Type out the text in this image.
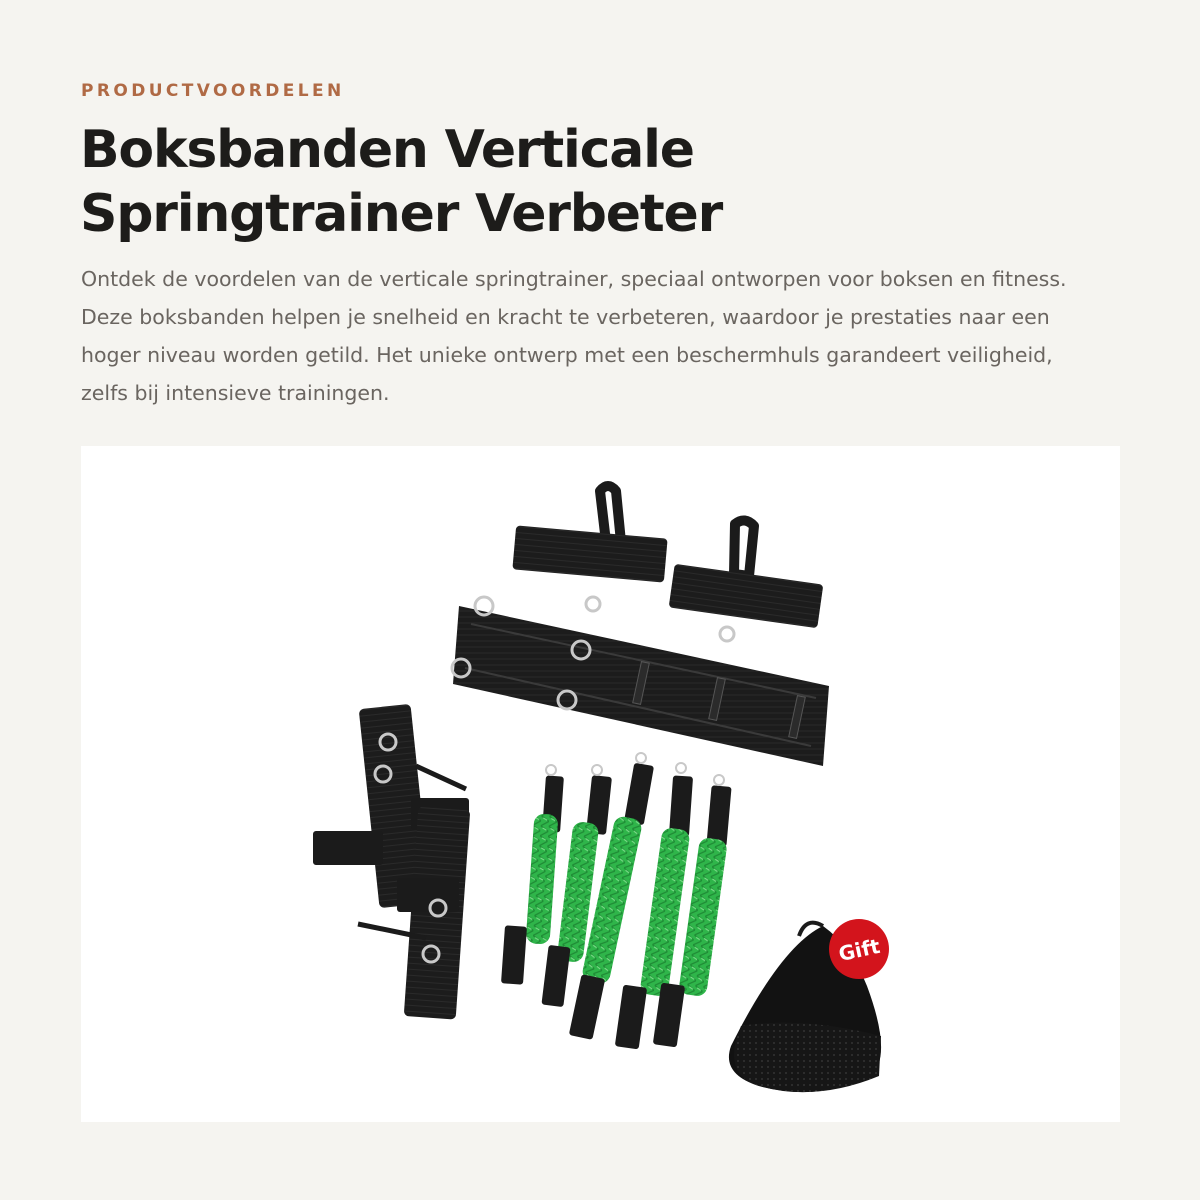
PRODUCTVOORDELEN
Boksbanden Verticale
Springtrainer Verbeter

Ontdek de voordelen van de verticale springtrainer, speciaal ontworpen voor boksen en fitness. Deze boksbanden helpen je snelheid en kracht te verbeteren, waardoor je prestaties naar een hoger niveau worden getild. Het unieke ontwerp met een beschermhuls garandeert veiligheid, zelfs bij intensieve trainingen.

Gift
